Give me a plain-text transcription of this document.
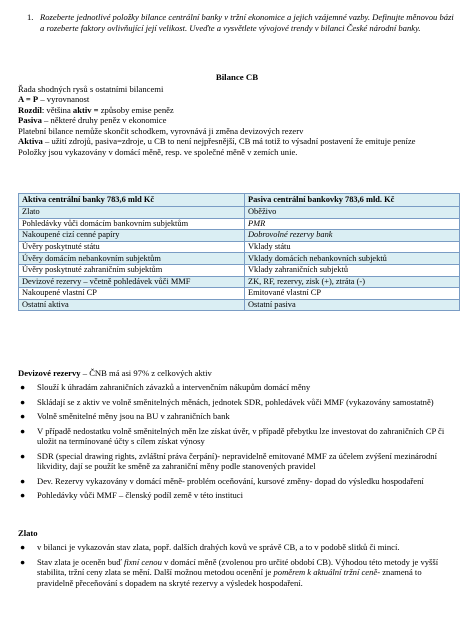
1. Rozeberte jednotlivé položky bilance centrální banky v tržní ekonomice a jejich vzájemné vazby. Definujte měnovou bázi a rozeberte faktory ovlivňující její velikost. Uveďte a vysvětlete vývojové trendy v bilanci České národní banky.
Bilance CB
Řada shodných rysů s ostatními bilancemi
A = P – vyrovnanost
Rozdíl: většina aktiv = způsoby emise peněz
Pasiva – některé druhy peněz v ekonomice
Platební bilance nemůže skončit schodkem, vyrovnává ji změna devizových rezerv
Aktiva – užití zdrojů, pasiva=zdroje, u CB to není nejpřesnější, CB má totiž to výsadní postavení že emituje peníze
Položky jsou vykazovány v domácí měně, resp. ve společné měně v zemích unie.
Aktiva centrální banky 783,6 mld Kč	Pasiva centrální bankovky 783,6 mld. Kč
Zlato	Oběživo
Pohledávky vůči domácím bankovním subjektům	PMR
Nakoupené cizí cenné papíry	Dobrovolné rezervy bank
Úvěry poskytnuté státu	Vklady státu
Úvěry domácím nebankovním subjektům	Vklady domácích nebankovních subjektů
Úvěry poskytnuté zahraničním subjektům	Vklady zahraničních subjektů
Devizové rezervy – včetně pohledávek vůči MMF	ZK, RF, rezervy, zisk (+), ztráta (-)
Nakoupené vlastní CP	Emitované vlastní CP
Ostatní aktiva	Ostatní pasiva
Devizové rezervy – ČNB má asi 97% z celkových aktiv
● Slouží k úhradám zahraničních závazků a intervenčním nákupům domácí měny
● Skládají se z aktiv ve volně směnitelných měnách, jednotek SDR, pohledávek vůči MMF (vykazovány samostatně)
● Volně směnitelné měny jsou na BU v zahraničních bank
● V případě nedostatku volně směnitelných měn lze získat úvěr, v případě přebytku lze investovat do zahraničních CP či uložit na termínované účty s cílem získat výnosy
● SDR (special drawing rights, zvláštní práva čerpání)- nepravidelně emitované MMF za účelem zvýšení mezinárodní likvidity, dají se použít ke směně za zahraniční měny podle stanovených pravidel
● Dev. Rezervy vykazovány v domácí měně- problém oceňování, kursové změny- dopad do výsledku hospodaření
● Pohledávky vůči MMF – členský podíl země v této instituci
Zlato
● v bilanci je vykazován stav zlata, popř. dalších drahých kovů ve správě CB, a to v podobě slitků či mincí.
● Stav zlata je oceněn buď fixní cenou v domácí měně (zvolenou pro určité období CB). Výhodou této metody je vyšší stabilita, tržní ceny zlata se mění. Další možnou metodou ocenění je poměrem k aktuální tržní ceně- znamená to pravidelně přeceňování s dopadem na skryté rezervy a výsledek hospodaření.
